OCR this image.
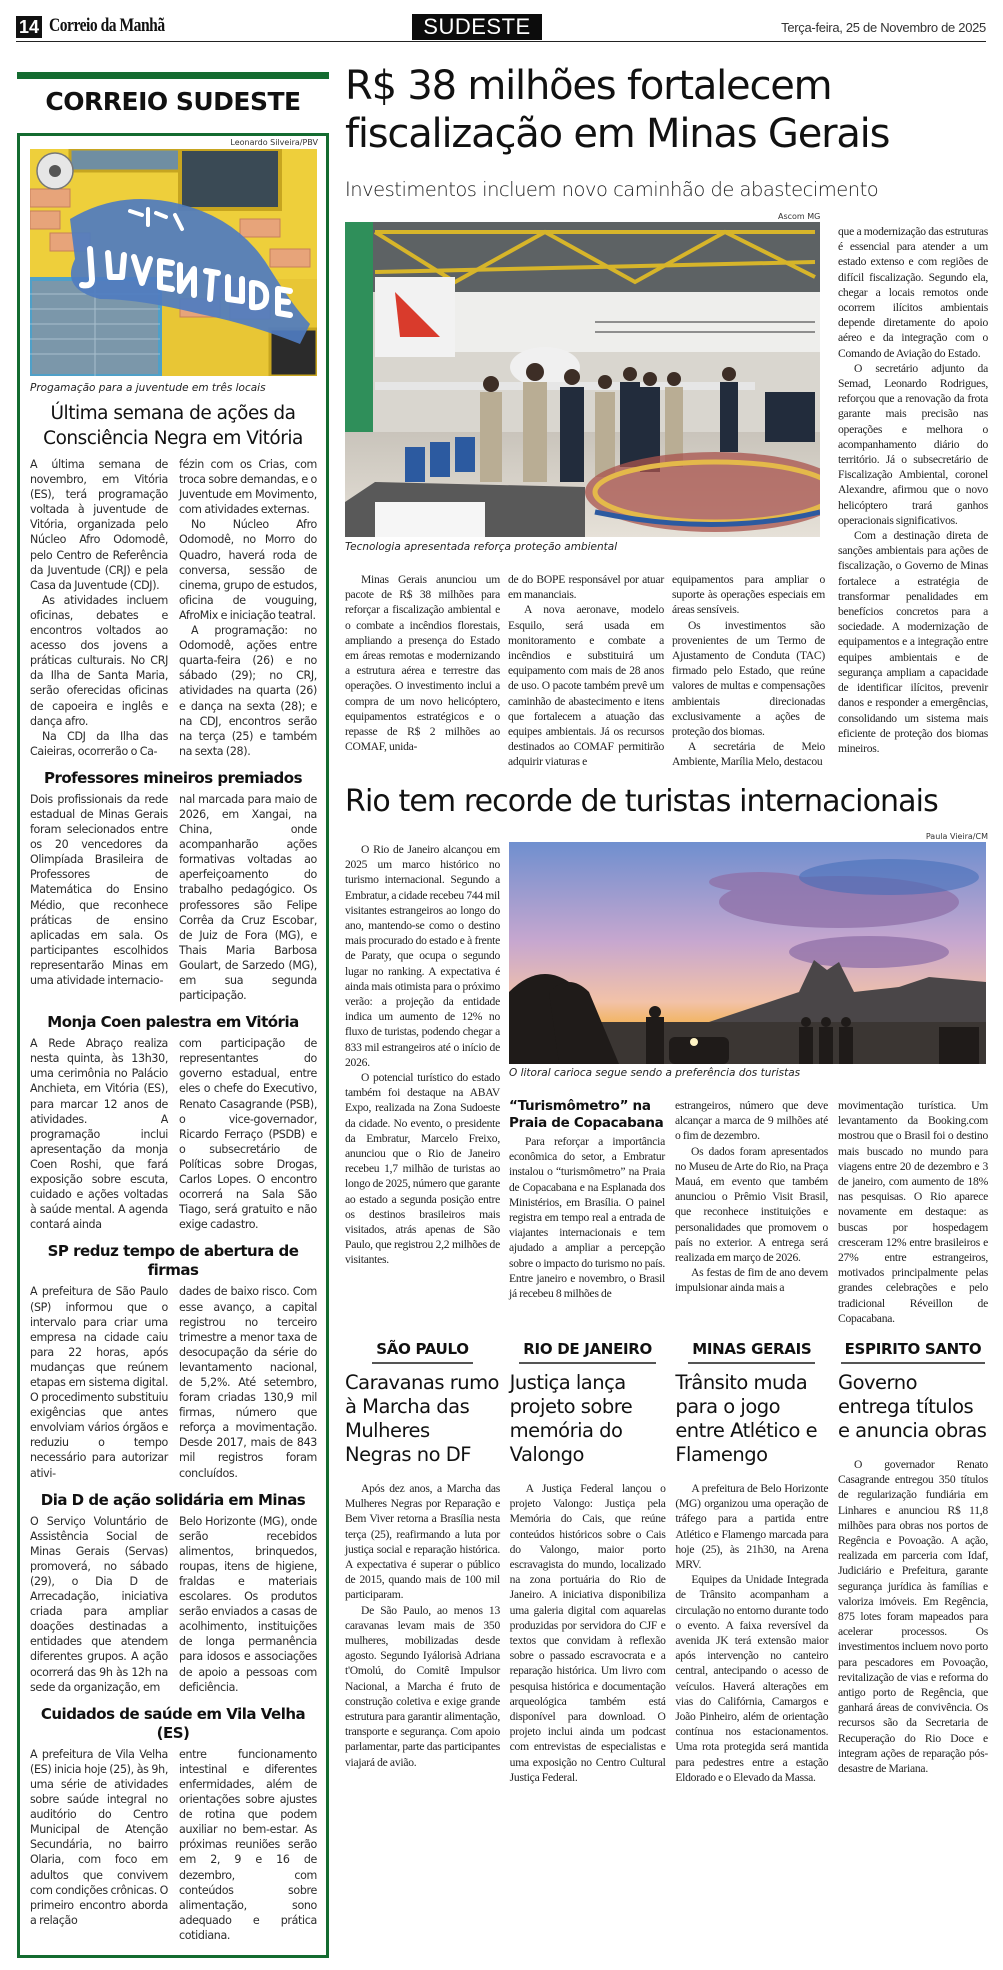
14 Correio da Manhã	SUDESTE	Terça-feira, 25 de Novembro de 2025
CORREIO SUDESTE
Leonardo Silveira/PBV
Progamação para a juventude em três locais
Última semana de ações da Consciência Negra em Vitória

A última semana de novembro, em Vitória (ES), terá programação voltada à juventude de Vitória, organizada pelo Núcleo Afro Odomodê, pelo Centro de Referência da Juventude (CRJ) e pela Casa da Juventude (CDJ).

As atividades incluem oficinas, debates e encontros voltados ao acesso dos jovens a práticas culturais. No CRJ da Ilha de Santa Maria, serão oferecidas oficinas de capoeira e inglês e dança afro.

Na CDJ da Ilha das Caieiras, ocorrerão o Ca-

fézin com os Crias, com troca sobre demandas, e o Juventude em Movimento, com atividades externas.

No Núcleo Afro Odomodê, no Morro do Quadro, haverá roda de conversa, sessão de cinema, grupo de estudos, oficina de vouguing, AfroMix e iniciação teatral.

A programação: no Odomodê, ações entre quarta-feira (26) e no sábado (29); no CRJ, atividades na quarta (26) e dança na sexta (28); e na CDJ, encontros serão na terça (25) e também na sexta (28).

Professores mineiros premiados

Dois profissionais da rede estadual de Minas Gerais foram selecionados entre os 20 vencedores da Olimpíada Brasileira de Professores de Matemática do Ensino Médio, que reconhece práticas de ensino aplicadas em sala. Os participantes escolhidos representarão Minas em uma atividade internacio-

nal marcada para maio de 2026, em Xangai, na China, onde acompanharão ações formativas voltadas ao aperfeiçoamento do trabalho pedagógico. Os professores são Felipe Corrêa da Cruz Escobar, de Juiz de Fora (MG), e Thais Maria Barbosa Goulart, de Sarzedo (MG), em sua segunda participação.

Monja Coen palestra em Vitória

A Rede Abraço realiza nesta quinta, às 13h30, uma cerimônia no Palácio Anchieta, em Vitória (ES), para marcar 12 anos de atividades. A programação inclui apresentação da monja Coen Roshi, que fará exposição sobre escuta, cuidado e ações voltadas à saúde mental. A agenda contará ainda

com participação de representantes do governo estadual, entre eles o chefe do Executivo, Renato Casagrande (PSB), o vice-governador, Ricardo Ferraço (PSDB) e o subsecretário de Políticas sobre Drogas, Carlos Lopes. O encontro ocorrerá na Sala São Tiago, será gratuito e não exige cadastro.

SP reduz tempo de abertura de firmas

A prefeitura de São Paulo (SP) informou que o intervalo para criar uma empresa na cidade caiu para 22 horas, após mudanças que reúnem etapas em sistema digital. O procedimento substituiu exigências que antes envolviam vários órgãos e reduziu o tempo necessário para autorizar ativi-

dades de baixo risco. Com esse avanço, a capital registrou no terceiro trimestre a menor taxa de desocupação da série do levantamento nacional, de 5,2%. Até setembro, foram criadas 130,9 mil firmas, número que reforça a movimentação. Desde 2017, mais de 843 mil registros foram concluídos.

Dia D de ação solidária em Minas

O Serviço Voluntário de Assistência Social de Minas Gerais (Servas) promoverá, no sábado (29), o Dia D de Arrecadação, iniciativa criada para ampliar doações destinadas a entidades que atendem diferentes grupos. A ação ocorrerá das 9h às 12h na sede da organização, em

Belo Horizonte (MG), onde serão recebidos alimentos, brinquedos, roupas, itens de higiene, fraldas e materiais escolares. Os produtos serão enviados a casas de acolhimento, instituições de longa permanência para idosos e associações de apoio a pessoas com deficiência.

Cuidados de saúde em Vila Velha (ES)

A prefeitura de Vila Velha (ES) inicia hoje (25), às 9h, uma série de atividades sobre saúde integral no auditório do Centro Municipal de Atenção Secundária, no bairro Olaria, com foco em adultos que convivem com condições crônicas. O primeiro encontro aborda a relação

entre funcionamento intestinal e diferentes enfermidades, além de orientações sobre ajustes de rotina que podem auxiliar no bem-estar. As próximas reuniões serão em 2, 9 e 16 de dezembro, com conteúdos sobre alimentação, sono adequado e prática cotidiana.

R$ 38 milhões fortalecem fiscalização em Minas Gerais
Investimentos incluem novo caminhão de abastecimento
Ascom MG
Tecnologia apresentada reforça proteção ambiental

Minas Gerais anunciou um pacote de R$ 38 milhões para reforçar a fiscalização ambiental e o combate a incêndios florestais, ampliando a presença do Estado em áreas remotas e modernizando a estrutura aérea e terrestre das operações. O investimento inclui a compra de um novo helicóptero, equipamentos estratégicos e o repasse de R$ 2 milhões ao COMAF, unida-

de do BOPE responsável por atuar em mananciais.

A nova aeronave, modelo Esquilo, será usada em monitoramento e combate a incêndios e substituirá um equipamento com mais de 28 anos de uso. O pacote também prevê um caminhão de abastecimento e itens que fortalecem a atuação das equipes ambientais. Já os recursos destinados ao COMAF permitirão adquirir viaturas e

equipamentos para ampliar o suporte às operações especiais em áreas sensíveis.

Os investimentos são provenientes de um Termo de Ajustamento de Conduta (TAC) firmado pelo Estado, que reúne valores de multas e compensações ambientais direcionadas exclusivamente a ações de proteção dos biomas.

A secretária de Meio Ambiente, Marília Melo, destacou

que a modernização das estruturas é essencial para atender a um estado extenso e com regiões de difícil fiscalização. Segundo ela, chegar a locais remotos onde ocorrem ilícitos ambientais depende diretamente do apoio aéreo e da integração com o Comando de Aviação do Estado.

O secretário adjunto da Semad, Leonardo Rodrigues, reforçou que a renovação da frota garante mais precisão nas operações e melhora o acompanhamento diário do território. Já o subsecretário de Fiscalização Ambiental, coronel Alexandre, afirmou que o novo helicóptero trará ganhos operacionais significativos.

Com a destinação direta de sanções ambientais para ações de fiscalização, o Governo de Minas fortalece a estratégia de transformar penalidades em benefícios concretos para a sociedade. A modernização de equipamentos e a integração entre equipes ambientais e de segurança ampliam a capacidade de identificar ilícitos, prevenir danos e responder a emergências, consolidando um sistema mais eficiente de proteção dos biomas mineiros.

Rio tem recorde de turistas internacionais

O Rio de Janeiro alcançou em 2025 um marco histórico no turismo internacional. Segundo a Embratur, a cidade recebeu 744 mil visitantes estrangeiros ao longo do ano, mantendo-se como o destino mais procurado do estado e à frente de Paraty, que ocupa o segundo lugar no ranking. A expectativa é ainda mais otimista para o próximo verão: a projeção da entidade indica um aumento de 12% no fluxo de turistas, podendo chegar a 833 mil estrangeiros até o início de 2026.

O potencial turístico do estado também foi destaque na ABAV Expo, realizada na Zona Sudoeste da cidade. No evento, o presidente da Embratur, Marcelo Freixo, anunciou que o Rio de Janeiro recebeu 1,7 milhão de turistas ao longo de 2025, número que garante ao estado a segunda posição entre os destinos brasileiros mais visitados, atrás apenas de São Paulo, que registrou 2,2 milhões de visitantes.

Paula Vieira/CM
O litoral carioca segue sendo a preferência dos turistas
“Turismômetro” na Praia de Copacabana

Para reforçar a importância econômica do setor, a Embratur instalou o “turismômetro” na Praia de Copacabana e na Esplanada dos Ministérios, em Brasília. O painel registra em tempo real a entrada de viajantes internacionais e tem ajudado a ampliar a percepção sobre o impacto do turismo no país. Entre janeiro e novembro, o Brasil já recebeu 8 milhões de

estrangeiros, número que deve alcançar a marca de 9 milhões até o fim de dezembro.

Os dados foram apresentados no Museu de Arte do Rio, na Praça Mauá, em evento que também anunciou o Prêmio Visit Brasil, que reconhece instituições e personalidades que promovem o país no exterior. A entrega será realizada em março de 2026.

As festas de fim de ano devem impulsionar ainda mais a

movimentação turística. Um levantamento da Booking.com mostrou que o Brasil foi o destino mais buscado no mundo para viagens entre 20 de dezembro e 3 de janeiro, com aumento de 18% nas pesquisas. O Rio aparece novamente em destaque: as buscas por hospedagem cresceram 12% entre brasileiros e 27% entre estrangeiros, motivados principalmente pelas grandes celebrações e pelo tradicional Réveillon de Copacabana.

SÃO PAULO
Caravanas rumo à Marcha das Mulheres Negras no DF

Após dez anos, a Marcha das Mulheres Negras por Reparação e Bem Viver retorna a Brasília nesta terça (25), reafirmando a luta por justiça social e reparação histórica. A expectativa é superar o público de 2015, quando mais de 100 mil participaram.

De São Paulo, ao menos 13 caravanas levam mais de 350 mulheres, mobilizadas desde agosto. Segundo Iyálorisà Adriana t'Omolú, do Comitê Impulsor Nacional, a Marcha é fruto de construção coletiva e exige grande estrutura para garantir alimentação, transporte e segurança. Com apoio parlamentar, parte das participantes viajará de avião.

RIO DE JANEIRO
Justiça lança projeto sobre memória do Valongo

A Justiça Federal lançou o projeto Valongo: Justiça pela Memória do Cais, que reúne conteúdos históricos sobre o Cais do Valongo, maior porto escravagista do mundo, localizado na zona portuária do Rio de Janeiro. A iniciativa disponibiliza uma galeria digital com aquarelas produzidas por servidora do CJF e textos que convidam à reflexão sobre o passado escravocrata e a reparação histórica. Um livro com pesquisa histórica e documentação arqueológica também está disponível para download. O projeto inclui ainda um podcast com entrevistas de especialistas e uma exposição no Centro Cultural Justiça Federal.

MINAS GERAIS
Trânsito muda para o jogo entre Atlético e Flamengo

A prefeitura de Belo Horizonte (MG) organizou uma operação de tráfego para a partida entre Atlético e Flamengo marcada para hoje (25), às 21h30, na Arena MRV.

Equipes da Unidade Integrada de Trânsito acompanham a circulação no entorno durante todo o evento. A faixa reversível da avenida JK terá extensão maior após intervenção no canteiro central, antecipando o acesso de veículos. Haverá alterações em vias do Califórnia, Camargos e João Pinheiro, além de orientação contínua nos estacionamentos. Uma rota protegida será mantida para pedestres entre a estação Eldorado e o Elevado da Massa.

ESPIRITO SANTO
Governo entrega títulos e anuncia obras

O governador Renato Casagrande entregou 350 títulos de regularização fundiária em Linhares e anunciou R$ 11,8 milhões para obras nos portos de Regência e Povoação. A ação, realizada em parceria com Idaf, Judiciário e Prefeitura, garante segurança jurídica às famílias e valoriza imóveis. Em Regência, 875 lotes foram mapeados para acelerar processos. Os investimentos incluem novo porto para pescadores em Povoação, revitalização de vias e reforma do antigo porto de Regência, que ganhará áreas de convivência. Os recursos são da Secretaria de Recuperação do Rio Doce e integram ações de reparação pós-desastre de Mariana.
